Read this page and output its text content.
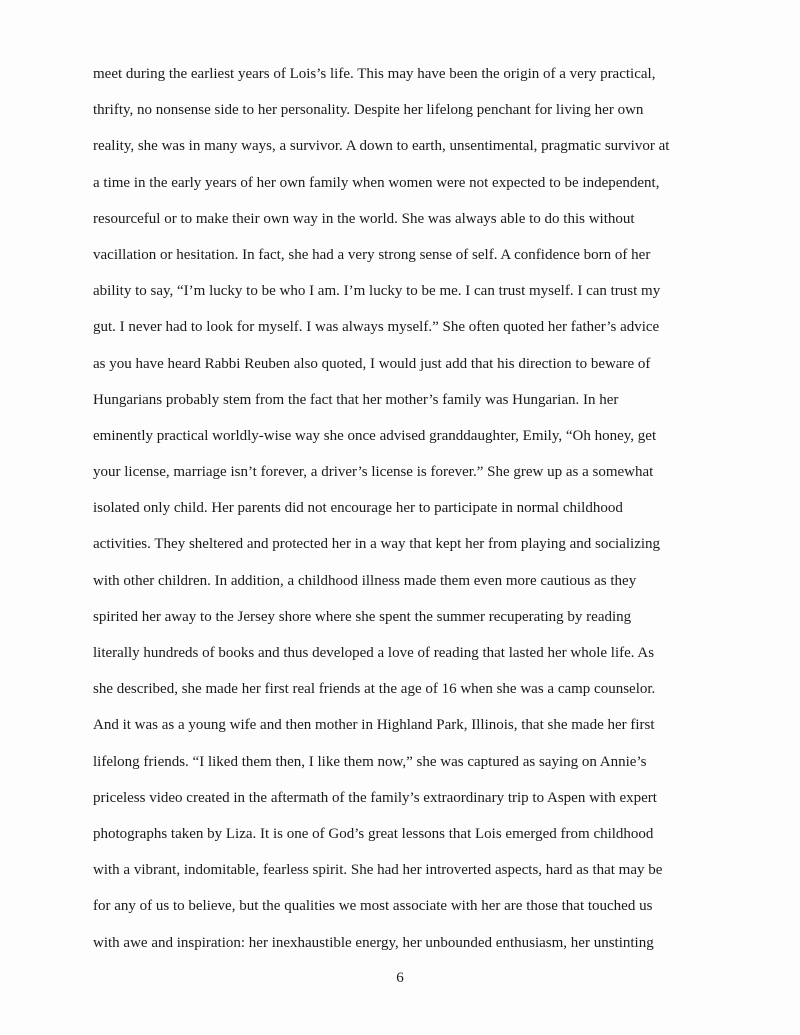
meet during the earliest years of Lois’s life. This may have been the origin of a very practical,
thrifty, no nonsense side to her personality. Despite her lifelong penchant for living her own
reality, she was in many ways, a survivor. A down to earth, unsentimental, pragmatic survivor at
a time in the early years of her own family when women were not expected to be independent,
resourceful or to make their own way in the world. She was always able to do this without
vacillation or hesitation. In fact, she had a very strong sense of self. A confidence born of her
ability to say, “I’m lucky to be who I am. I’m lucky to be me. I can trust myself. I can trust my
gut. I never had to look for myself. I was always myself.” She often quoted her father’s advice
as you have heard Rabbi Reuben also quoted, I would just add that his direction to beware of
Hungarians probably stem from the fact that her mother’s family was Hungarian. In her
eminently practical worldly-wise way she once advised granddaughter, Emily, “Oh honey, get
your license, marriage isn’t forever, a driver’s license is forever.” She grew up as a somewhat
isolated only child. Her parents did not encourage her to participate in normal childhood
activities. They sheltered and protected her in a way that kept her from playing and socializing
with other children. In addition, a childhood illness made them even more cautious as they
spirited her away to the Jersey shore where she spent the summer recuperating by reading
literally hundreds of books and thus developed a love of reading that lasted her whole life. As
she described, she made her first real friends at the age of 16 when she was a camp counselor.
And it was as a young wife and then mother in Highland Park, Illinois, that she made her first
lifelong friends. “I liked them then, I like them now,” she was captured as saying on Annie’s
priceless video created in the aftermath of the family’s extraordinary trip to Aspen with expert
photographs taken by Liza. It is one of God’s great lessons that Lois emerged from childhood
with a vibrant, indomitable, fearless spirit. She had her introverted aspects, hard as that may be
for any of us to believe, but the qualities we most associate with her are those that touched us
with awe and inspiration: her inexhaustible energy, her unbounded enthusiasm, her unstinting
6
